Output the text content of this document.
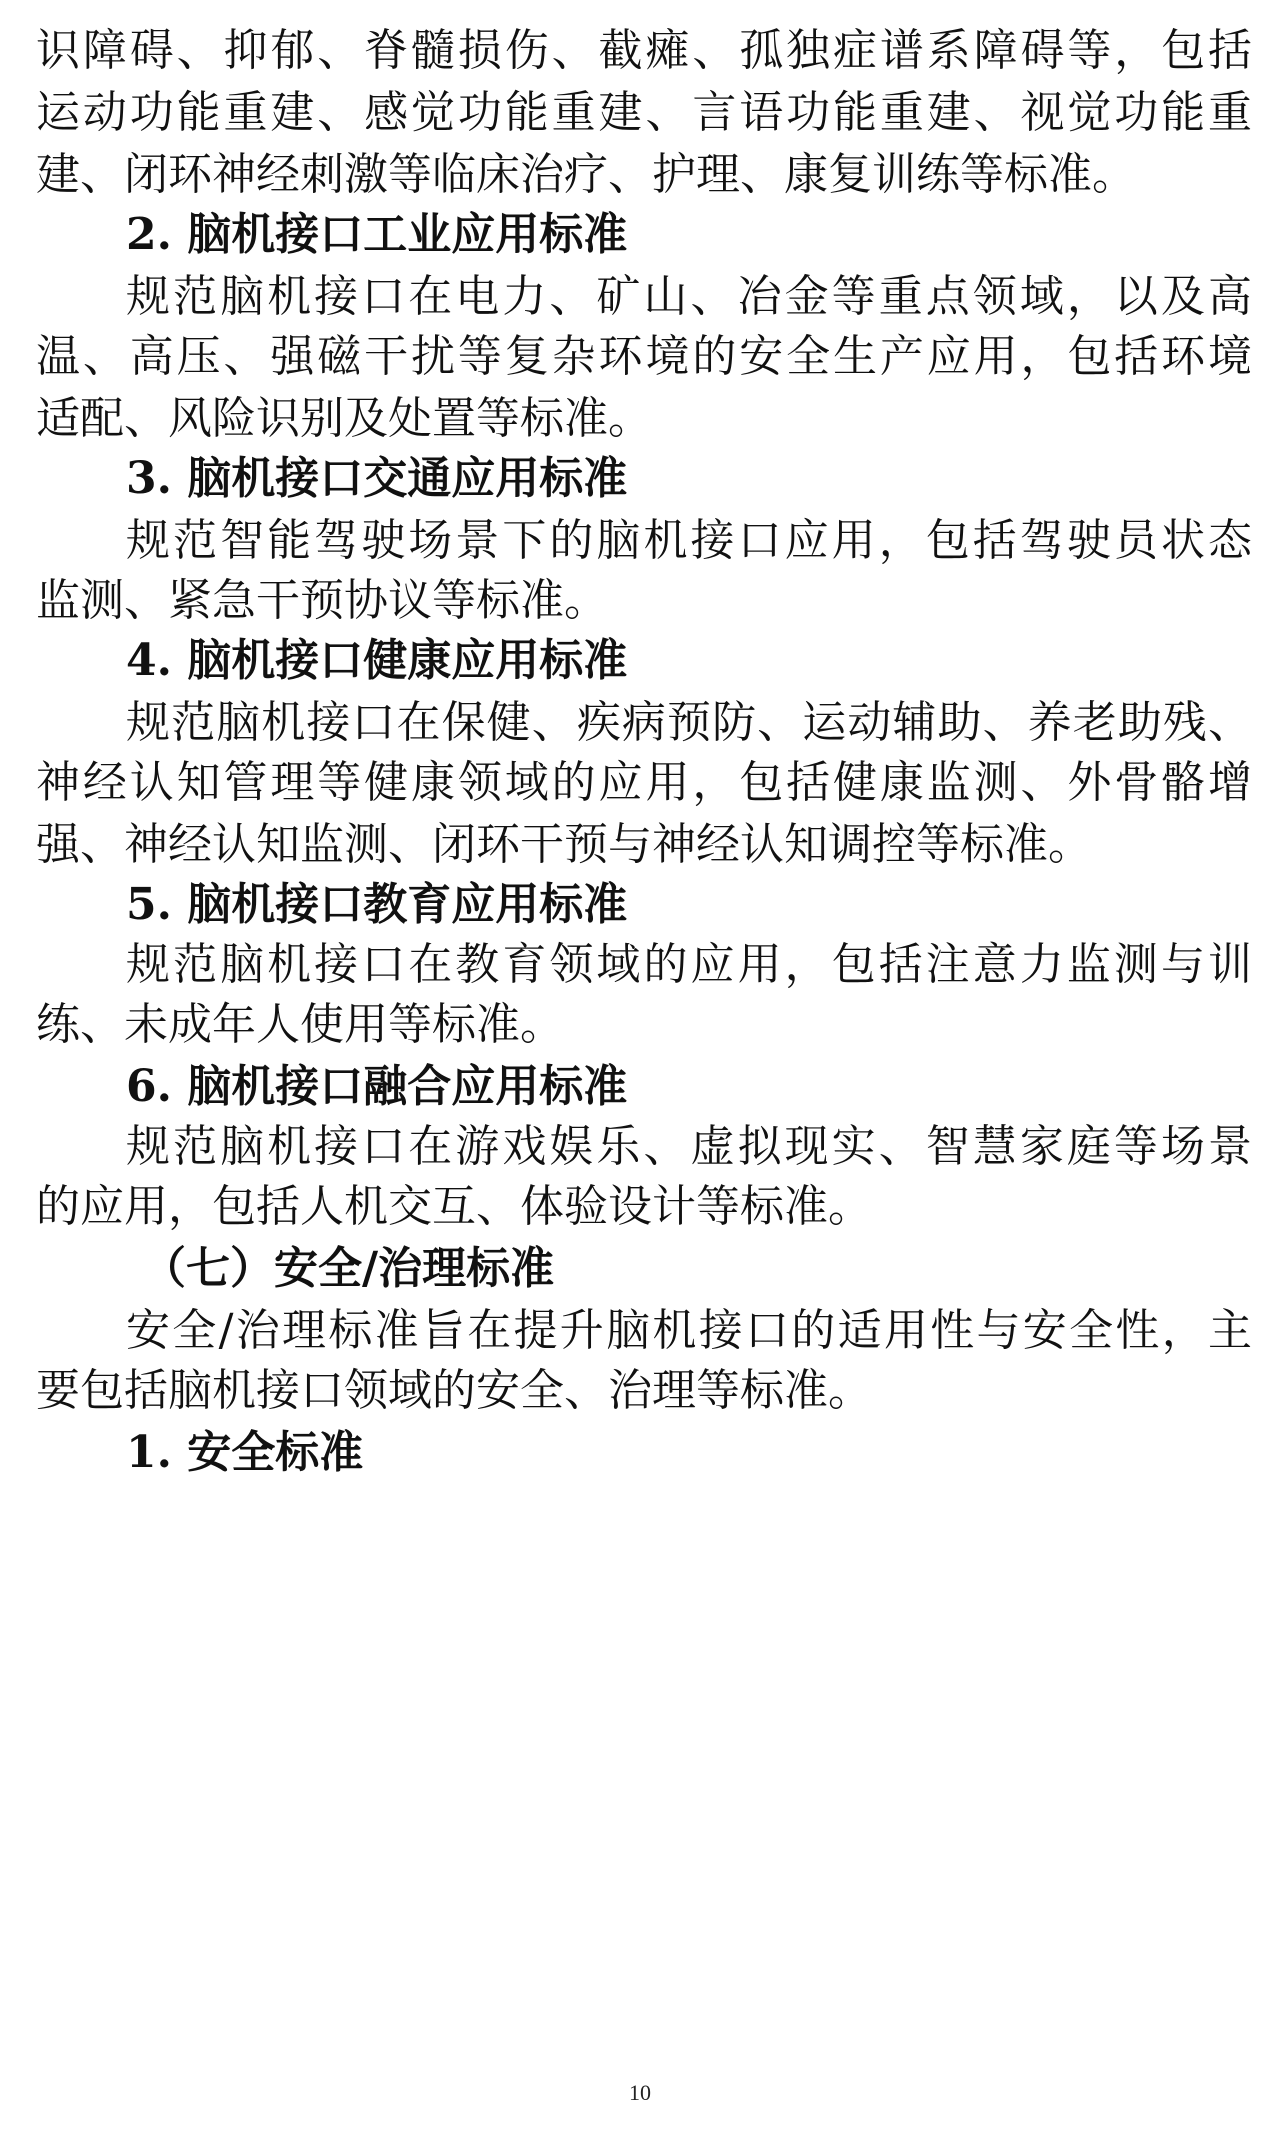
识障碍、抑郁、脊髓损伤、截瘫、孤独症谱系障碍等，包括
运动功能重建、感觉功能重建、言语功能重建、视觉功能重
建、闭环神经刺激等临床治疗、护理、康复训练等标准。
2. 脑机接口工业应用标准
规范脑机接口在电力、矿山、冶金等重点领域，以及高
温、高压、强磁干扰等复杂环境的安全生产应用，包括环境
适配、风险识别及处置等标准。
3. 脑机接口交通应用标准
规范智能驾驶场景下的脑机接口应用，包括驾驶员状态
监测、紧急干预协议等标准。
4. 脑机接口健康应用标准
规范脑机接口在保健、疾病预防、运动辅助、养老助残、
神经认知管理等健康领域的应用，包括健康监测、外骨骼增
强、神经认知监测、闭环干预与神经认知调控等标准。
5. 脑机接口教育应用标准
规范脑机接口在教育领域的应用，包括注意力监测与训
练、未成年人使用等标准。
6. 脑机接口融合应用标准
规范脑机接口在游戏娱乐、虚拟现实、智慧家庭等场景
的应用，包括人机交互、体验设计等标准。
（七）安全/治理标准
安全/治理标准旨在提升脑机接口的适用性与安全性，主
要包括脑机接口领域的安全、治理等标准。
1. 安全标准
10
